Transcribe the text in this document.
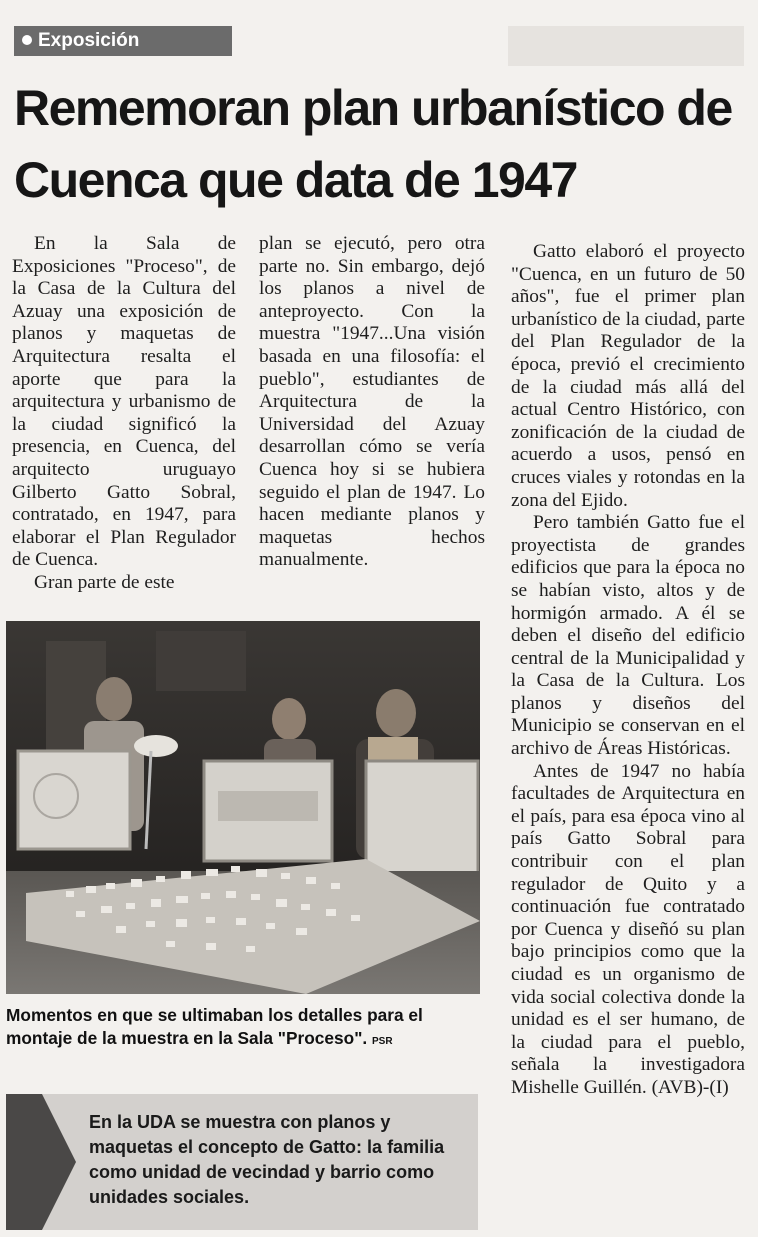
Exposición
Rememoran plan urbanístico de Cuenca que data de 1947

En la Sala de Exposiciones "Proceso", de la Casa de la Cultura del Azuay una exposición de planos y maquetas de Arquitectura resalta el aporte que para la arquitectura y urbanismo de la ciudad significó la presencia, en Cuenca, del arquitecto uruguayo Gilberto Gatto Sobral, contratado, en 1947, para elaborar el Plan Regulador de Cuenca.

Gran parte de este

plan se ejecutó, pero otra parte no. Sin embargo, dejó los planos a nivel de anteproyecto. Con la muestra "1947...Una visión basada en una filosofía: el pueblo", estudiantes de Arquitectura de la Universidad del Azuay desarrollan cómo se vería Cuenca hoy si se hubiera seguido el plan de 1947. Lo hacen mediante planos y maquetas hechos manualmente.

Gatto elaboró el proyecto "Cuenca, en un futuro de 50 años", fue el primer plan urbanístico de la ciudad, parte del Plan Regulador de la época, previó el crecimiento de la ciudad más allá del actual Centro Histórico, con zonificación de la ciudad de acuerdo a usos, pensó en cruces viales y rotondas en la zona del Ejido.

Pero también Gatto fue el proyectista de grandes edificios que para la época no se habían visto, altos y de hormigón armado. A él se deben el diseño del edificio central de la Municipalidad y la Casa de la Cultura. Los planos y diseños del Municipio se conservan en el archivo de Áreas Históricas.

Antes de 1947 no había facultades de Arquitectura en el país, para esa época vino al país Gatto Sobral para contribuir con el plan regulador de Quito y a continuación fue contratado por Cuenca y diseñó su plan bajo principios como que la ciudad es un organismo de vida social colectiva donde la unidad es el ser humano, de la ciudad para el pueblo, señala la investigadora Mishelle Guillén. (AVB)-(I)

Momentos en que se ultimaban los detalles para el montaje de la muestra en la Sala "Proceso". PSR
En la UDA se muestra con planos y maquetas el concepto de Gatto: la familia como unidad de vecindad y barrio como unidades sociales.
